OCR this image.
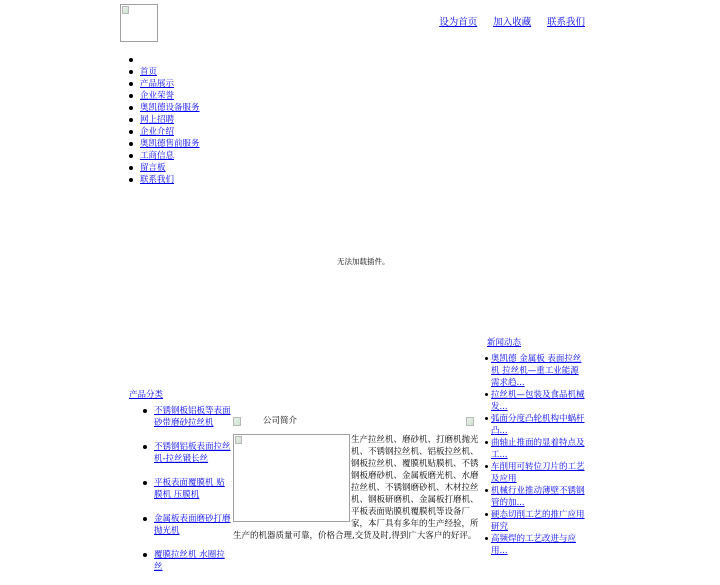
设为首页 加入收藏 联系我们
首页
产品展示
企业荣誉
奥凯德设备服务
网上招聘
企业介绍
奥凯德售前服务
工商信息
留言板
联系我们
无法加载插件。
产品分类
不锈钢板铝板等表面砂带磨砂拉丝机
不锈钢铝板表面拉丝机-拉丝锻长丝
平板表面覆膜机 贴膜机 压膜机
金属板表面磨砂打磨抛光机
覆膜拉丝机 水圈拉丝
公司简介
生产拉丝机、磨砂机、打磨机抛光机、不锈钢拉丝机、铝板拉丝机、钢板拉丝机、覆膜机贴膜机、不锈钢板磨砂机、金属板磨光机、水磨拉丝机、不锈钢磨砂机、木材拉丝机、钢板研磨机、金属板打磨机、平板表面贴膜机覆膜机等设备厂家，本厂具有多年的生产经验，所生产的机器质量可靠，价格合理,交货及时,得到广大客户的好评。
新闻动态
奥凯德 金属板 表面拉丝机 拉丝机—重工业能源需求趋...
拉丝机—包装及食品机械发...
弧面分度凸轮机构中蜗杆凸...
曲轴止推面的显着特点及工...
车削用可转位刀片的工艺及应用
机械行业推动薄壁不锈钢管的加...
硬态切削工艺的推广应用研究
高频焊的工艺改进与应用...
